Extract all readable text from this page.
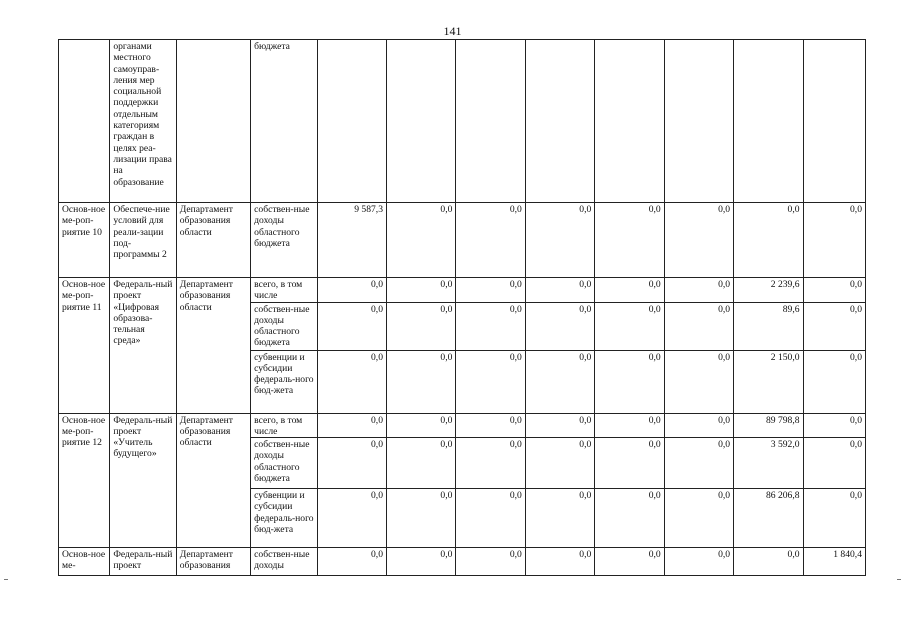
141
	органами местного самоуправ-ления мер социальной поддержки отдельным категориям граждан в целях реа-лизации права на образование		бюджета								
Основ-ное ме-роп-риятие 10	Обеспече-ние условий для реали-зации под-программы 2	Департамент образования области	собствен-ные доходы областного бюджета	9 587,3	0,0	0,0	0,0	0,0	0,0	0,0	0,0
Основ-ное ме-роп-риятие 11	Федераль-ный проект «Цифровая образова-тельная среда»	Департамент образования области	всего, в том числе	0,0	0,0	0,0	0,0	0,0	0,0	2 239,6	0,0
			собствен-ные доходы областного бюджета	0,0	0,0	0,0	0,0	0,0	0,0	89,6	0,0
			субвенции и субсидии федераль-ного бюд-жета	0,0	0,0	0,0	0,0	0,0	0,0	2 150,0	0,0
Основ-ное ме-роп-риятие 12	Федераль-ный проект «Учитель будущего»	Департамент образования области	всего, в том числе	0,0	0,0	0,0	0,0	0,0	0,0	89 798,8	0,0
			собствен-ные доходы областного бюджета	0,0	0,0	0,0	0,0	0,0	0,0	3 592,0	0,0
			субвенции и субсидии федераль-ного бюд-жета	0,0	0,0	0,0	0,0	0,0	0,0	86 206,8	0,0
Основ-ное ме-	Федераль-ный проект	Департамент образования	собствен-ные доходы	0,0	0,0	0,0	0,0	0,0	0,0	0,0	1 840,4
